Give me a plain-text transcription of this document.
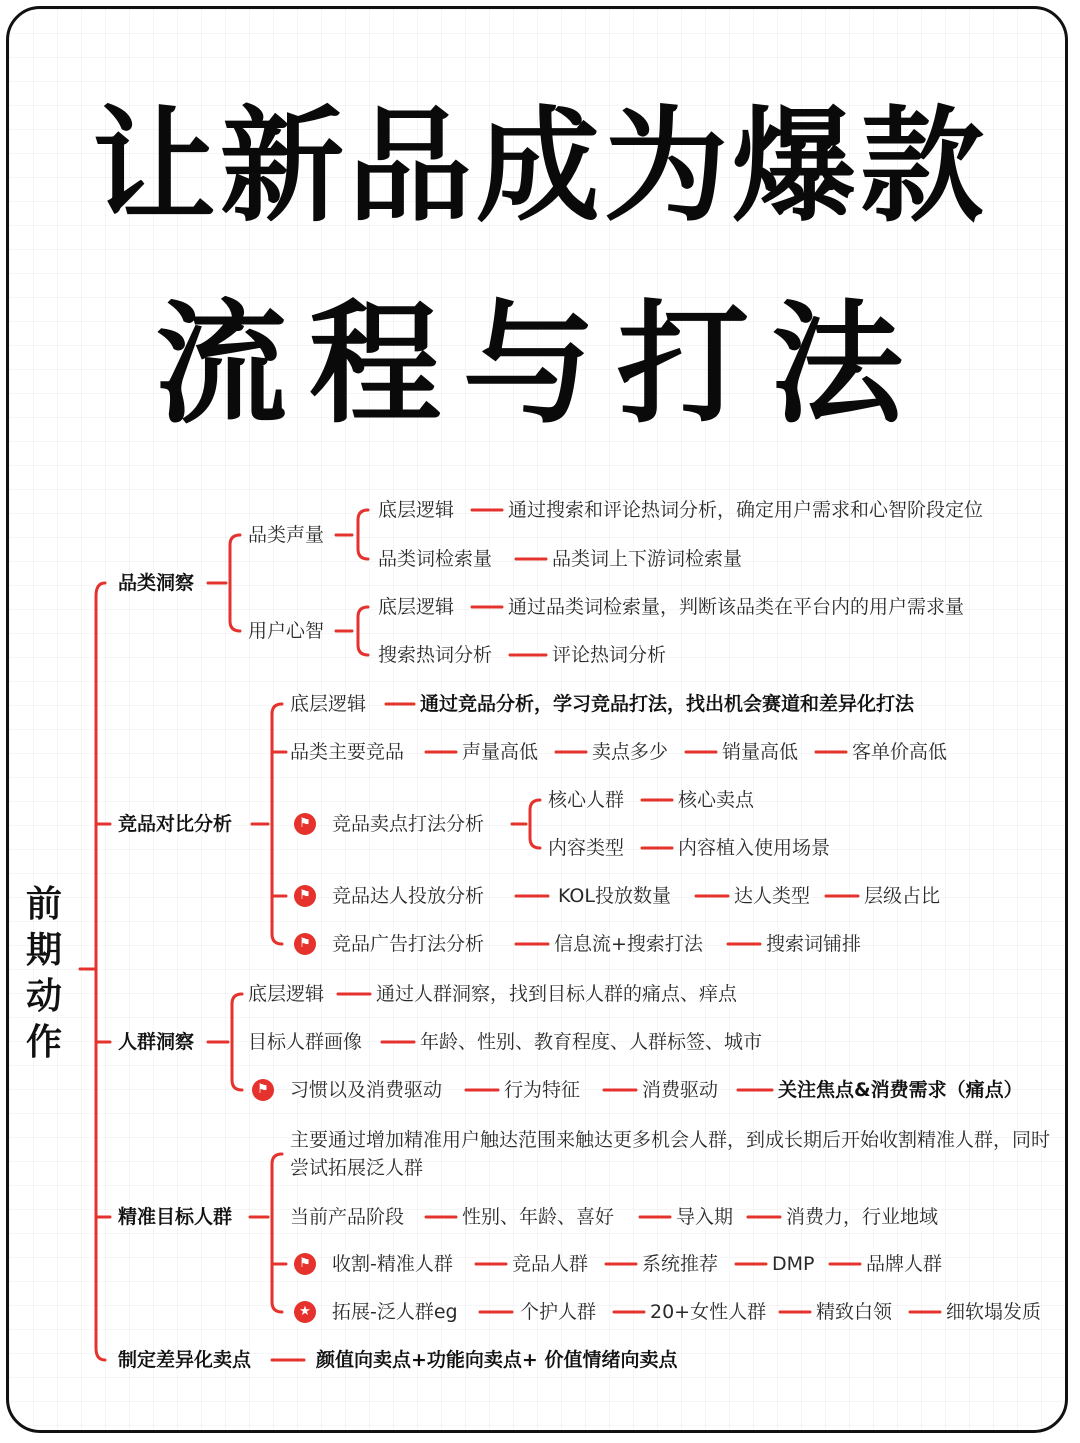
让新品成为爆款
流程与打法
前
期
动
作
品类洞察
品类声量
底层逻辑	通过搜索和评论热词分析，确定用户需求和心智阶段定位
品类词检索量	品类词上下游词检索量
用户心智
底层逻辑	通过品类词检索量，判断该品类在平台内的用户需求量
搜索热词分析	评论热词分析
竞品对比分析
底层逻辑	通过竞品分析，学习竞品打法，找出机会赛道和差异化打法
品类主要竞品	声量高低	卖点多少	销量高低	客单价高低
⚑ 竞品卖点打法分析
核心人群	核心卖点
内容类型	内容植入使用场景
⚑ 竞品达人投放分析	KOL投放数量	达人类型	层级占比
⚑ 竞品广告打法分析	信息流+搜索打法	搜索词铺排
人群洞察
底层逻辑	通过人群洞察，找到目标人群的痛点、痒点
目标人群画像	年龄、性别、教育程度、人群标签、城市
⚑ 习惯以及消费驱动	行为特征	消费驱动	关注焦点&消费需求（痛点）
精准目标人群
主要通过增加精准用户触达范围来触达更多机会人群，到成长期后开始收割精准人群，同时尝试拓展泛人群
当前产品阶段	性别、年龄、喜好	导入期	消费力，行业地域
⚑ 收割-精准人群	竞品人群	系统推荐	DMP	品牌人群
★ 拓展-泛人群eg	个护人群	20+女性人群	精致白领	细软塌发质
制定差异化卖点	颜值向卖点+功能向卖点+ 价值情绪向卖点
